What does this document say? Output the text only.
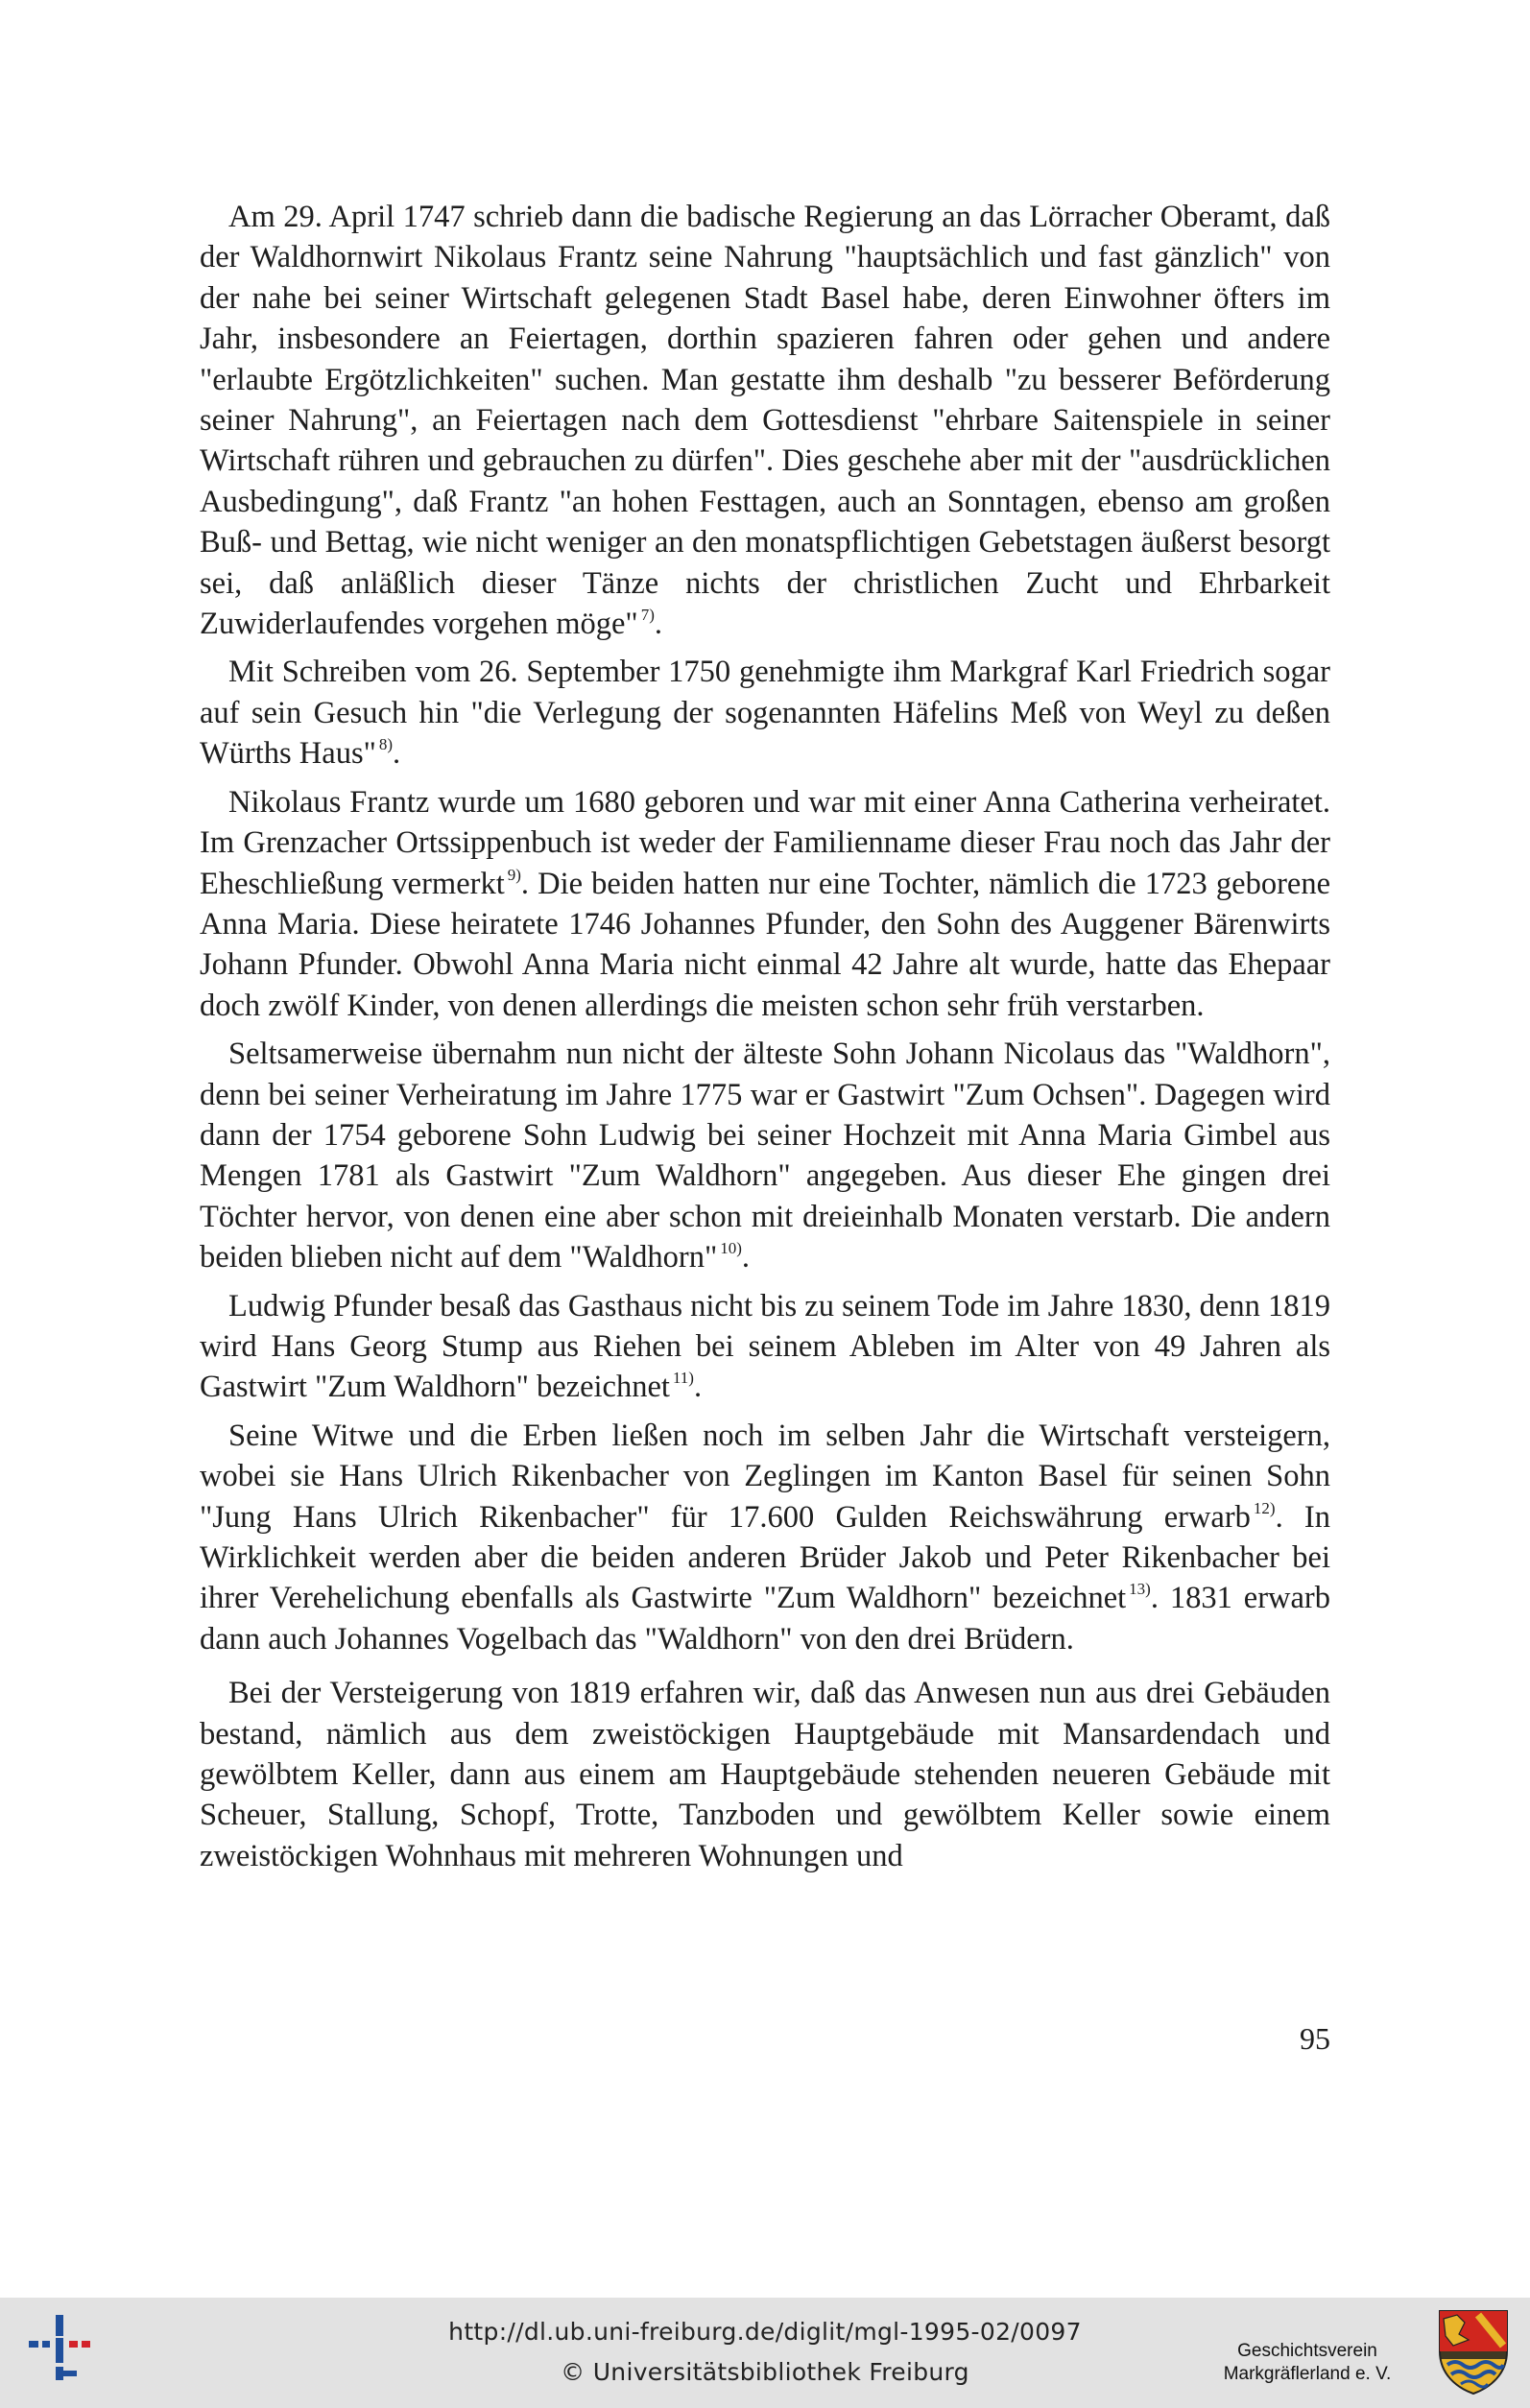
Am 29. April 1747 schrieb dann die badische Regierung an das Lörracher Oberamt, daß der Waldhornwirt Nikolaus Frantz seine Nahrung "hauptsächlich und fast gänzlich" von der nahe bei seiner Wirtschaft gelegenen Stadt Basel habe, deren Einwohner öfters im Jahr, insbesondere an Feiertagen, dorthin spazieren fahren oder gehen und andere "erlaubte Ergötzlichkeiten" suchen. Man gestatte ihm deshalb "zu besserer Beförderung seiner Nahrung", an Feiertagen nach dem Gottesdienst "ehrbare Saitenspiele in seiner Wirtschaft rühren und gebrauchen zu dürfen". Dies geschehe aber mit der "ausdrücklichen Ausbedingung", daß Frantz "an hohen Festtagen, auch an Sonntagen, ebenso am großen Buß- und Bettag, wie nicht weniger an den monatspflichtigen Gebetstagen äußerst besorgt sei, daß anläßlich dieser Tänze nichts der christlichen Zucht und Ehrbarkeit Zuwiderlaufendes vorgehen möge" $^{7)}$.

Mit Schreiben vom 26. September 1750 genehmigte ihm Markgraf Karl Friedrich sogar auf sein Gesuch hin "die Verlegung der sogenannten Häfelins Meß von Weyl zu deßen Würths Haus" $^{8)}$.

Nikolaus Frantz wurde um 1680 geboren und war mit einer Anna Catherina verheiratet. Im Grenzacher Ortssippenbuch ist weder der Familienname dieser Frau noch das Jahr der Eheschließung vermerkt $^{9)}$. Die beiden hatten nur eine Tochter, nämlich die 1723 geborene Anna Maria. Diese heiratete 1746 Johannes Pfunder, den Sohn des Auggener Bärenwirts Johann Pfunder. Obwohl Anna Maria nicht einmal 42 Jahre alt wurde, hatte das Ehepaar doch zwölf Kinder, von denen allerdings die meisten schon sehr früh verstarben.

Seltsamerweise übernahm nun nicht der älteste Sohn Johann Nicolaus das "Waldhorn", denn bei seiner Verheiratung im Jahre 1775 war er Gastwirt "Zum Ochsen". Dagegen wird dann der 1754 geborene Sohn Ludwig bei seiner Hochzeit mit Anna Maria Gimbel aus Mengen 1781 als Gastwirt "Zum Waldhorn" angegeben. Aus dieser Ehe gingen drei Töchter hervor, von denen eine aber schon mit dreieinhalb Monaten verstarb. Die andern beiden blieben nicht auf dem "Waldhorn" $^{10)}$.

Ludwig Pfunder besaß das Gasthaus nicht bis zu seinem Tode im Jahre 1830, denn 1819 wird Hans Georg Stump aus Riehen bei seinem Ableben im Alter von 49 Jahren als Gastwirt "Zum Waldhorn" bezeichnet $^{11)}$.

Seine Witwe und die Erben ließen noch im selben Jahr die Wirtschaft versteigern, wobei sie Hans Ulrich Rikenbacher von Zeglingen im Kanton Basel für seinen Sohn "Jung Hans Ulrich Rikenbacher" für 17.600 Gulden Reichswährung erwarb $^{12)}$. In Wirklichkeit werden aber die beiden anderen Brüder Jakob und Peter Rikenbacher bei ihrer Verehelichung ebenfalls als Gastwirte "Zum Waldhorn" bezeichnet $^{13)}$. 1831 erwarb dann auch Johannes Vogelbach das "Waldhorn" von den drei Brüdern.

Bei der Versteigerung von 1819 erfahren wir, daß das Anwesen nun aus drei Gebäuden bestand, nämlich aus dem zweistöckigen Hauptgebäude mit Mansardendach und gewölbtem Keller, dann aus einem am Hauptgebäude stehenden neueren Gebäude mit Scheuer, Stallung, Schopf, Trotte, Tanzboden und gewölbtem Keller sowie einem zweistöckigen Wohnhaus mit mehreren Wohnungen und

95
http://dl.ub.uni-freiburg.de/diglit/mgl-1995-02/0097
© Universitätsbibliothek Freiburg
Geschichtsverein
Markgräflerland e. V.
